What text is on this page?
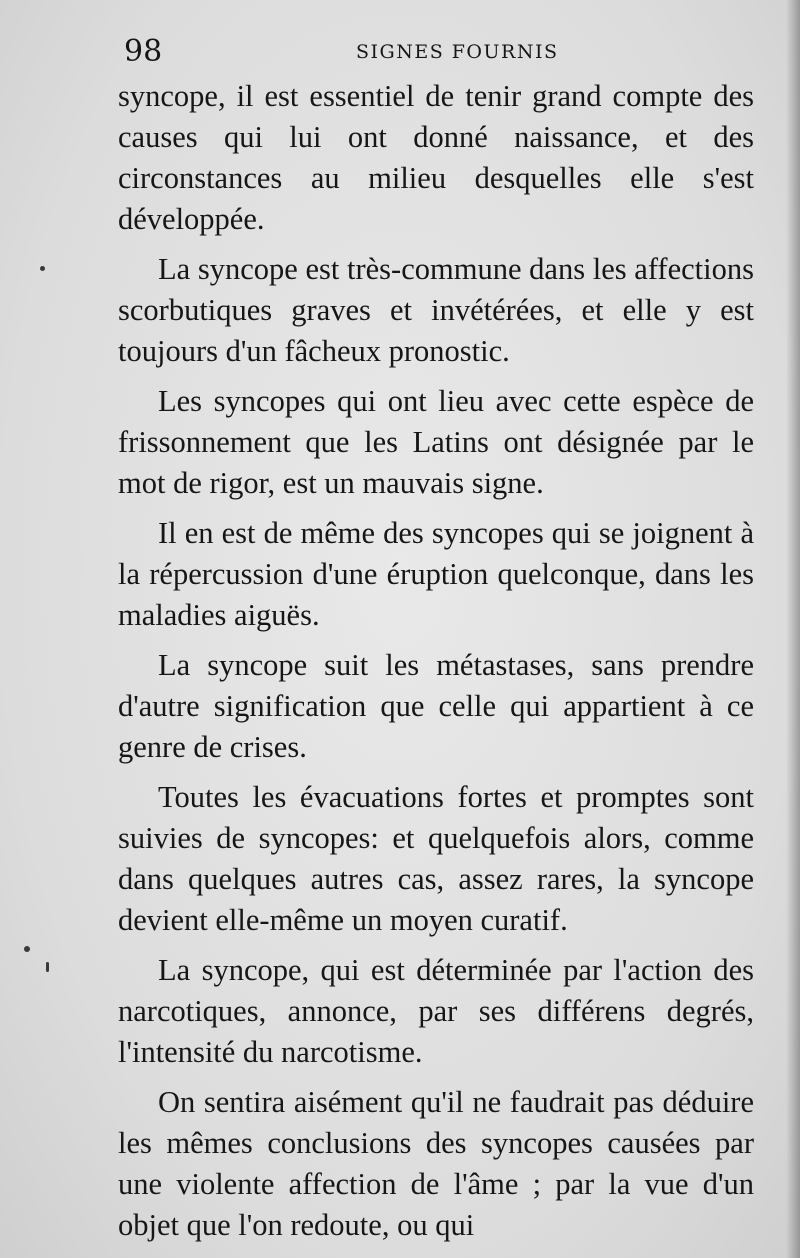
98	SIGNES FOURNIS

syncope, il est essentiel de tenir grand compte des causes qui lui ont donné naissance, et des circonstances au milieu desquelles elle s'est développée.

La syncope est très-commune dans les affections scorbutiques graves et invétérées, et elle y est toujours d'un fâcheux pronostic.

Les syncopes qui ont lieu avec cette espèce de frissonnement que les Latins ont désignée par le mot de rigor, est un mauvais signe.

Il en est de même des syncopes qui se joignent à la répercussion d'une éruption quelconque, dans les maladies aiguës.

La syncope suit les métastases, sans prendre d'autre signification que celle qui appartient à ce genre de crises.

Toutes les évacuations fortes et promptes sont suivies de syncopes: et quelquefois alors, comme dans quelques autres cas, assez rares, la syncope devient elle-même un moyen curatif.

La syncope, qui est déterminée par l'action des narcotiques, annonce, par ses différens degrés, l'intensité du narcotisme.

On sentira aisément qu'il ne faudrait pas déduire les mêmes conclusions des syncopes causées par une violente affection de l'âme ; par la vue d'un objet que l'on redoute, ou qui
